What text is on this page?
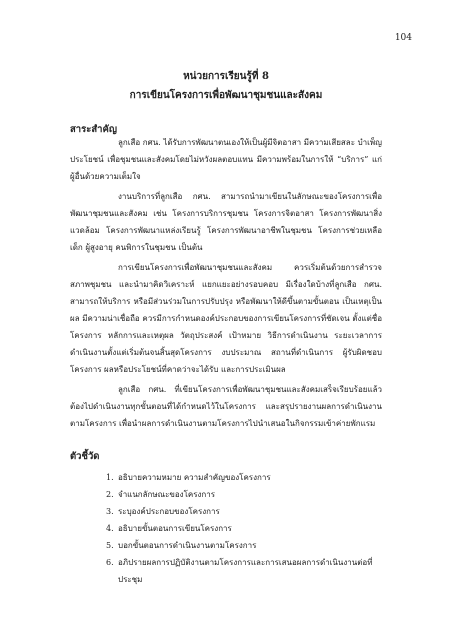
104
หน่วยการเรียนรู้ที่ 8
การเขียนโครงการเพื่อพัฒนาชุมชนและสังคม
สาระสำคัญ

ลูกเสือ กศน. ได้รับการพัฒนาตนเองให้เป็นผู้มีจิตอาสา มีความเสียสละ บำเพ็ญประโยชน์ เพื่อชุมชนและสังคมโดยไม่หวังผลตอบแทน มีความพร้อมในการให้ “บริการ” แก่ผู้อื่นด้วยความเต็มใจ

งานบริการที่ลูกเสือ กศน. สามารถนำมาเขียนในลักษณะของโครงการเพื่อพัฒนาชุมชนและสังคม เช่น โครงการบริการชุมชน โครงการจิตอาสา โครงการพัฒนาสิ่งแวดล้อม โครงการพัฒนาแหล่งเรียนรู้ โครงการพัฒนาอาชีพในชุมชน โครงการช่วยเหลือเด็ก ผู้สูงอายุ คนพิการในชุมชน เป็นต้น

การเขียนโครงการเพื่อพัฒนาชุมชนและสังคม ควรเริ่มต้นด้วยการสำรวจสภาพชุมชน และนำมาคิดวิเคราะห์ แยกแยะอย่างรอบคอบ มีเรื่องใดบ้างที่ลูกเสือ กศน. สามารถให้บริการ หรือมีส่วนร่วมในการปรับปรุง หรือพัฒนาให้ดีขึ้นตามขั้นตอน เป็นเหตุเป็นผล มีความน่าเชื่อถือ ควรมีการกำหนดองค์ประกอบของการเขียนโครงการที่ชัดเจน ตั้งแต่ชื่อโครงการ หลักการและเหตุผล วัตถุประสงค์ เป้าหมาย วิธีการดำเนินงาน ระยะเวลาการดำเนินงานตั้งแต่เริ่มต้นจนสิ้นสุดโครงการ งบประมาณ สถานที่ดำเนินการ ผู้รับผิดชอบโครงการ ผลหรือประโยชน์ที่คาดว่าจะได้รับ และการประเมินผล

ลูกเสือ กศน. ที่เขียนโครงการเพื่อพัฒนาชุมชนและสังคมเสร็จเรียบร้อยแล้ว ต้องไปดำเนินงานทุกขั้นตอนที่ได้กำหนดไว้ในโครงการ และสรุปรายงานผลการดำเนินงานตามโครงการ เพื่อนำผลการดำเนินงานตามโครงการไปนำเสนอในกิจกรรมเข้าค่ายพักแรม

ตัวชี้วัด
1. อธิบายความหมาย ความสำคัญของโครงการ
2. จำแนกลักษณะของโครงการ
3. ระบุองค์ประกอบของโครงการ
4. อธิบายขั้นตอนการเขียนโครงการ
5. บอกขั้นตอนการดำเนินงานตามโครงการ
6. อภิปรายผลการปฏิบัติงานตามโครงการและการเสนอผลการดำเนินงานต่อที่ประชุม
